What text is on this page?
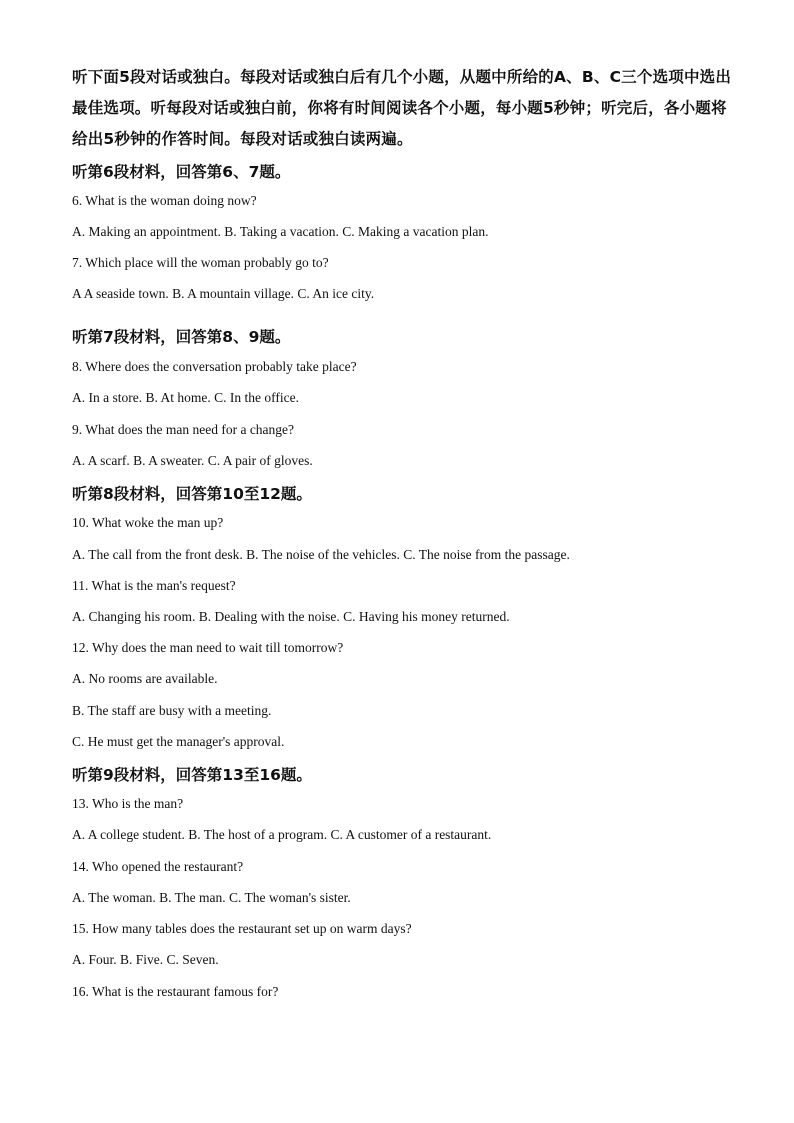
听下面5段对话或独白。每段对话或独白后有几个小题，从题中所给的A、B、C三个选项中选出最佳选项。听每段对话或独白前，你将有时间阅读各个小题，每小题5秒钟；听完后，各小题将给出5秒钟的作答时间。每段对话或独白读两遍。
听第6段材料，回答第6、7题。
6. What is the woman doing now?
A. Making an appointment. B. Taking a vacation. C. Making a vacation plan.
7. Which place will the woman probably go to?
A A seaside town. B. A mountain village. C. An ice city.
听第7段材料，回答第8、9题。
8. Where does the conversation probably take place?
A. In a store. B. At home. C. In the office.
9. What does the man need for a change?
A. A scarf. B. A sweater. C. A pair of gloves.
听第8段材料，回答第10至12题。
10. What woke the man up?
A. The call from the front desk. B. The noise of the vehicles. C. The noise from the passage.
11. What is the man's request?
A. Changing his room. B. Dealing with the noise. C. Having his money returned.
12. Why does the man need to wait till tomorrow?
A. No rooms are available.
B. The staff are busy with a meeting.
C. He must get the manager's approval.
听第9段材料，回答第13至16题。
13. Who is the man?
A. A college student. B. The host of a program. C. A customer of a restaurant.
14. Who opened the restaurant?
A. The woman. B. The man. C. The woman's sister.
15. How many tables does the restaurant set up on warm days?
A. Four. B. Five. C. Seven.
16. What is the restaurant famous for?
